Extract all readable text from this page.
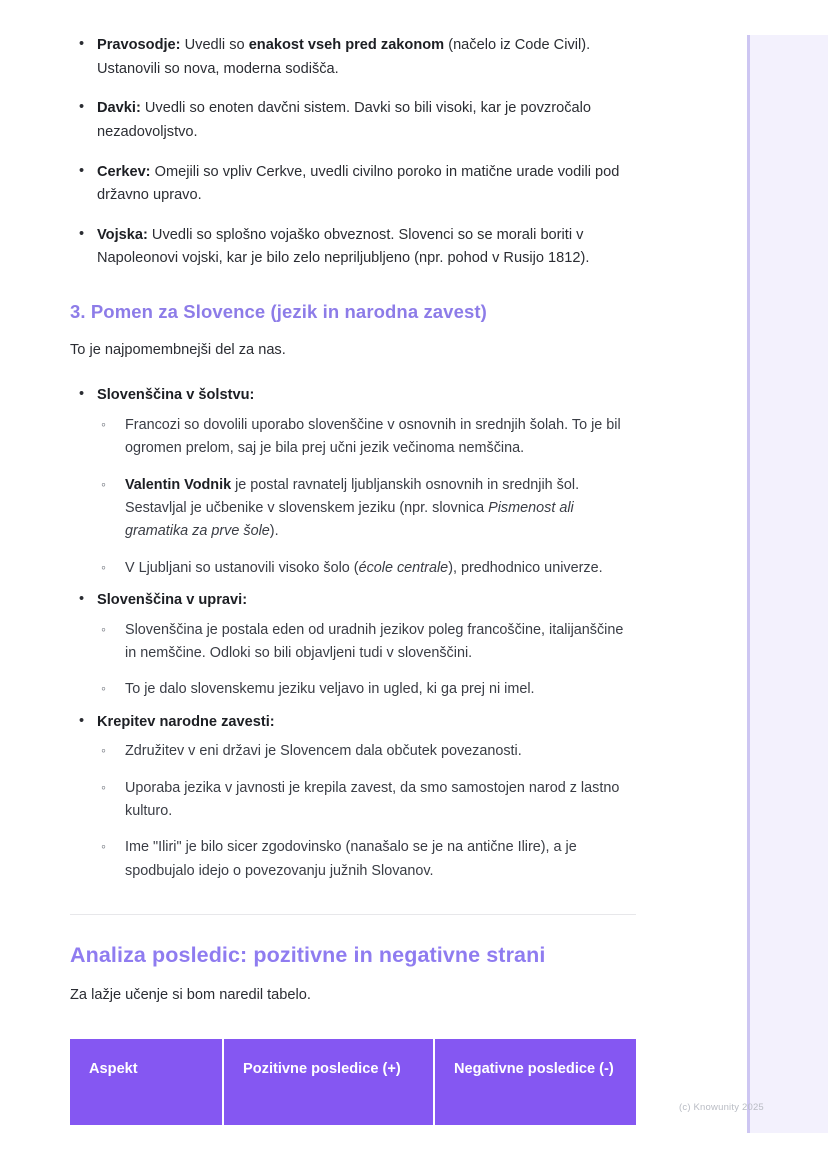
• Pravosodje: Uvedli so enakost vseh pred zakonom (načelo iz Code Civil). Ustanovili so nova, moderna sodišča.
• Davki: Uvedli so enoten davčni sistem. Davki so bili visoki, kar je povzročalo nezadovoljstvo.
• Cerkev: Omejili so vpliv Cerkve, uvedli civilno poroko in matične urade vodili pod državno upravo.
• Vojska: Uvedli so splošno vojaško obveznost. Slovenci so se morali boriti v Napoleonovi vojski, kar je bilo zelo nepriljubljeno (npr. pohod v Rusijo 1812).
3. Pomen za Slovence (jezik in narodna zavest)

To je najpomembnejši del za nas.

• Slovenščina v šolstvu:
◦ Francozi so dovolili uporabo slovenščine v osnovnih in srednjih šolah. To je bil ogromen prelom, saj je bila prej učni jezik večinoma nemščina.
◦ Valentin Vodnik je postal ravnatelj ljubljanskih osnovnih in srednjih šol. Sestavljal je učbenike v slovenskem jeziku (npr. slovnica Pismenost ali gramatika za prve šole).
◦ V Ljubljani so ustanovili visoko šolo (école centrale), predhodnico univerze.
• Slovenščina v upravi:
◦ Slovenščina je postala eden od uradnih jezikov poleg francoščine, italijanščine in nemščine. Odloki so bili objavljeni tudi v slovenščini.
◦ To je dalo slovenskemu jeziku veljavo in ugled, ki ga prej ni imel.
• Krepitev narodne zavesti:
◦ Združitev v eni državi je Slovencem dala občutek povezanosti.
◦ Uporaba jezika v javnosti je krepila zavest, da smo samostojen narod z lastno kulturo.
◦ Ime "Iliri" je bilo sicer zgodovinsko (nanašalo se je na antične Ilire), a je spodbujalo idejo o povezovanju južnih Slovanov.
Analiza posledic: pozitivne in negativne strani

Za lažje učenje si bom naredil tabelo.

Aspekt	Pozitivne posledice (+)	Negativne posledice (-)
(c) Knowunity 2025
